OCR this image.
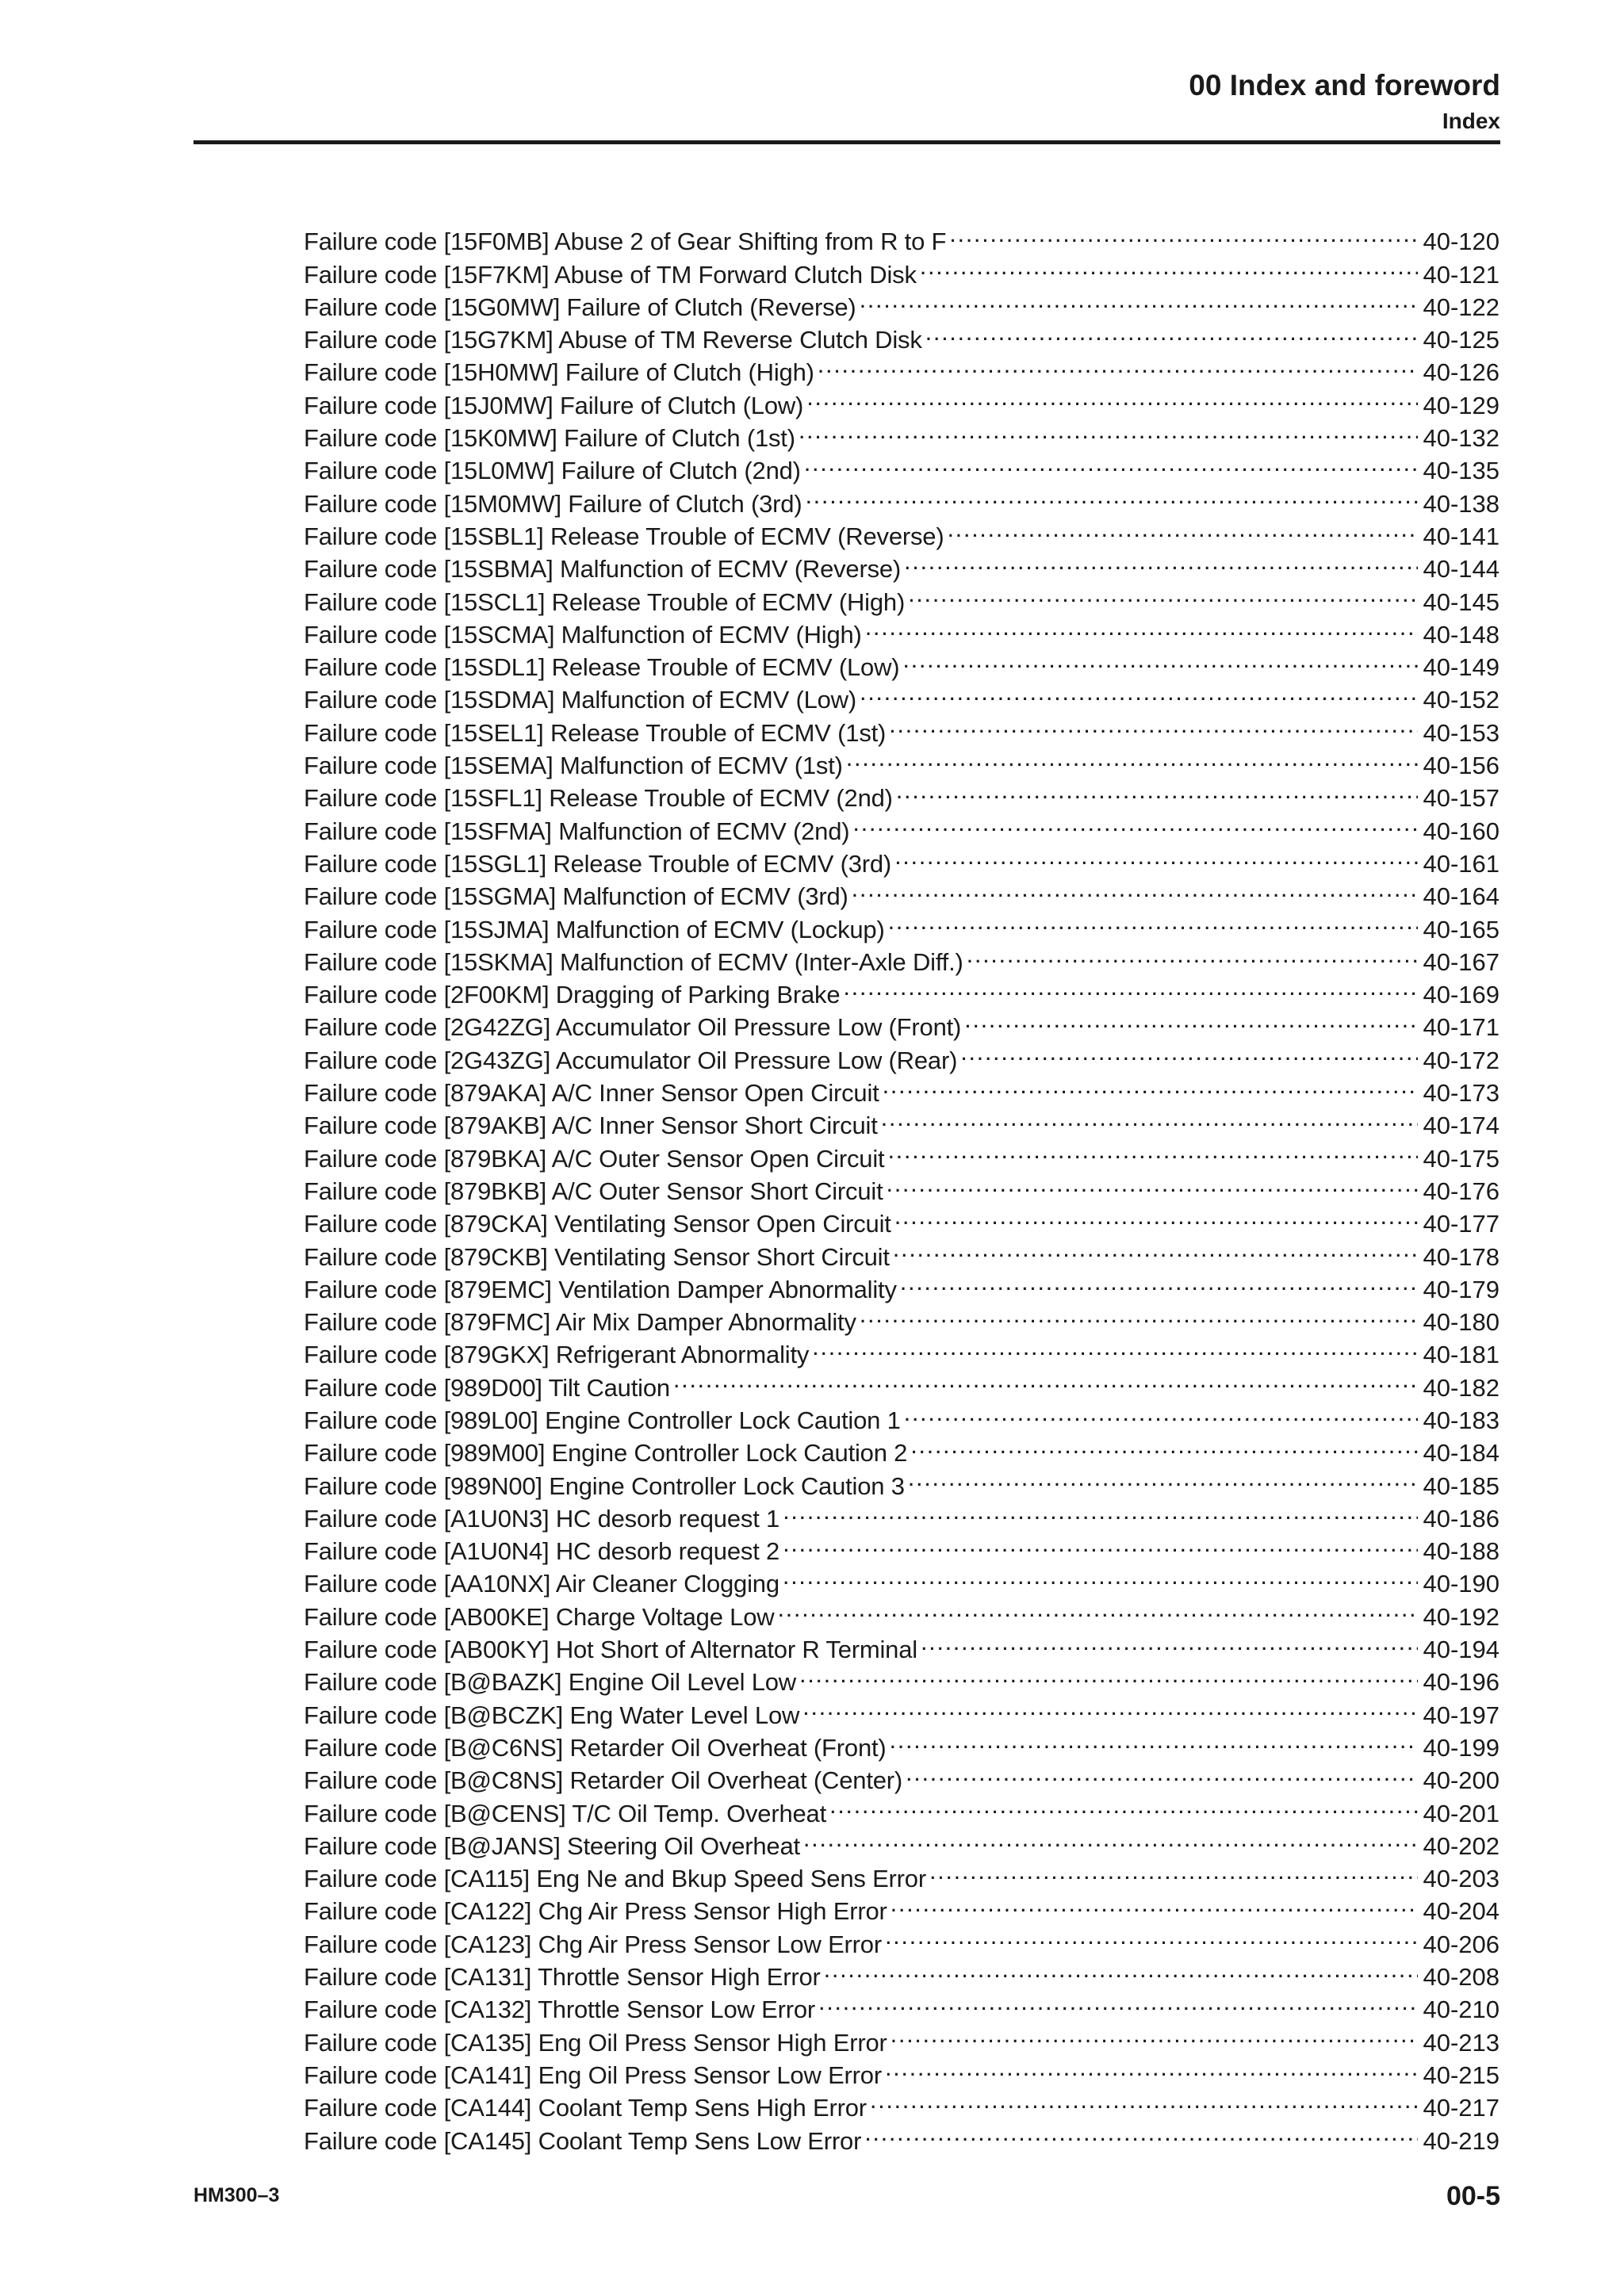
00 Index and foreword
Index
Failure code [15F0MB] Abuse 2 of Gear Shifting from R to F .....	40-120
Failure code [15F7KM] Abuse of TM Forward Clutch Disk .....	40-121
Failure code [15G0MW] Failure of Clutch (Reverse) .....	40-122
Failure code [15G7KM] Abuse of TM Reverse Clutch Disk .....	40-125
Failure code [15H0MW] Failure of Clutch (High) .....	40-126
Failure code [15J0MW] Failure of Clutch (Low) .....	40-129
Failure code [15K0MW] Failure of Clutch (1st) .....	40-132
Failure code [15L0MW] Failure of Clutch (2nd) .....	40-135
Failure code [15M0MW] Failure of Clutch (3rd) .....	40-138
Failure code [15SBL1] Release Trouble of ECMV (Reverse) .....	40-141
Failure code [15SBMA] Malfunction of ECMV (Reverse) .....	40-144
Failure code [15SCL1] Release Trouble of ECMV (High) .....	40-145
Failure code [15SCMA] Malfunction of ECMV (High) .....	40-148
Failure code [15SDL1] Release Trouble of ECMV (Low) .....	40-149
Failure code [15SDMA] Malfunction of ECMV (Low) .....	40-152
Failure code [15SEL1] Release Trouble of ECMV (1st) .....	40-153
Failure code [15SEMA] Malfunction of ECMV (1st) .....	40-156
Failure code [15SFL1] Release Trouble of ECMV (2nd) .....	40-157
Failure code [15SFMA] Malfunction of ECMV (2nd) .....	40-160
Failure code [15SGL1] Release Trouble of ECMV (3rd) .....	40-161
Failure code [15SGMA] Malfunction of ECMV (3rd) .....	40-164
Failure code [15SJMA] Malfunction of ECMV (Lockup) .....	40-165
Failure code [15SKMA] Malfunction of ECMV (Inter-Axle Diff.) .....	40-167
Failure code [2F00KM] Dragging of Parking Brake .....	40-169
Failure code [2G42ZG] Accumulator Oil Pressure Low (Front) .....	40-171
Failure code [2G43ZG] Accumulator Oil Pressure Low (Rear) .....	40-172
Failure code [879AKA] A/C Inner Sensor Open Circuit .....	40-173
Failure code [879AKB] A/C Inner Sensor Short Circuit .....	40-174
Failure code [879BKA] A/C Outer Sensor Open Circuit .....	40-175
Failure code [879BKB] A/C Outer Sensor Short Circuit .....	40-176
Failure code [879CKA] Ventilating Sensor Open Circuit .....	40-177
Failure code [879CKB] Ventilating Sensor Short Circuit .....	40-178
Failure code [879EMC] Ventilation Damper Abnormality .....	40-179
Failure code [879FMC] Air Mix Damper Abnormality .....	40-180
Failure code [879GKX] Refrigerant Abnormality .....	40-181
Failure code [989D00] Tilt Caution .....	40-182
Failure code [989L00] Engine Controller Lock Caution 1 .....	40-183
Failure code [989M00] Engine Controller Lock Caution 2 .....	40-184
Failure code [989N00] Engine Controller Lock Caution 3 .....	40-185
Failure code [A1U0N3] HC desorb request 1 .....	40-186
Failure code [A1U0N4] HC desorb request 2 .....	40-188
Failure code [AA10NX] Air Cleaner Clogging .....	40-190
Failure code [AB00KE] Charge Voltage Low .....	40-192
Failure code [AB00KY] Hot Short of Alternator R Terminal .....	40-194
Failure code [B@BAZK] Engine Oil Level Low .....	40-196
Failure code [B@BCZK] Eng Water Level Low .....	40-197
Failure code [B@C6NS] Retarder Oil Overheat (Front) .....	40-199
Failure code [B@C8NS] Retarder Oil Overheat (Center) .....	40-200
Failure code [B@CENS] T/C Oil Temp. Overheat .....	40-201
Failure code [B@JANS] Steering Oil Overheat .....	40-202
Failure code [CA115] Eng Ne and Bkup Speed Sens Error .....	40-203
Failure code [CA122] Chg Air Press Sensor High Error .....	40-204
Failure code [CA123] Chg Air Press Sensor Low Error .....	40-206
Failure code [CA131] Throttle Sensor High Error .....	40-208
Failure code [CA132] Throttle Sensor Low Error .....	40-210
Failure code [CA135] Eng Oil Press Sensor High Error .....	40-213
Failure code [CA141] Eng Oil Press Sensor Low Error .....	40-215
Failure code [CA144] Coolant Temp Sens High Error .....	40-217
Failure code [CA145] Coolant Temp Sens Low Error .....	40-219
HM300–3	00-5
